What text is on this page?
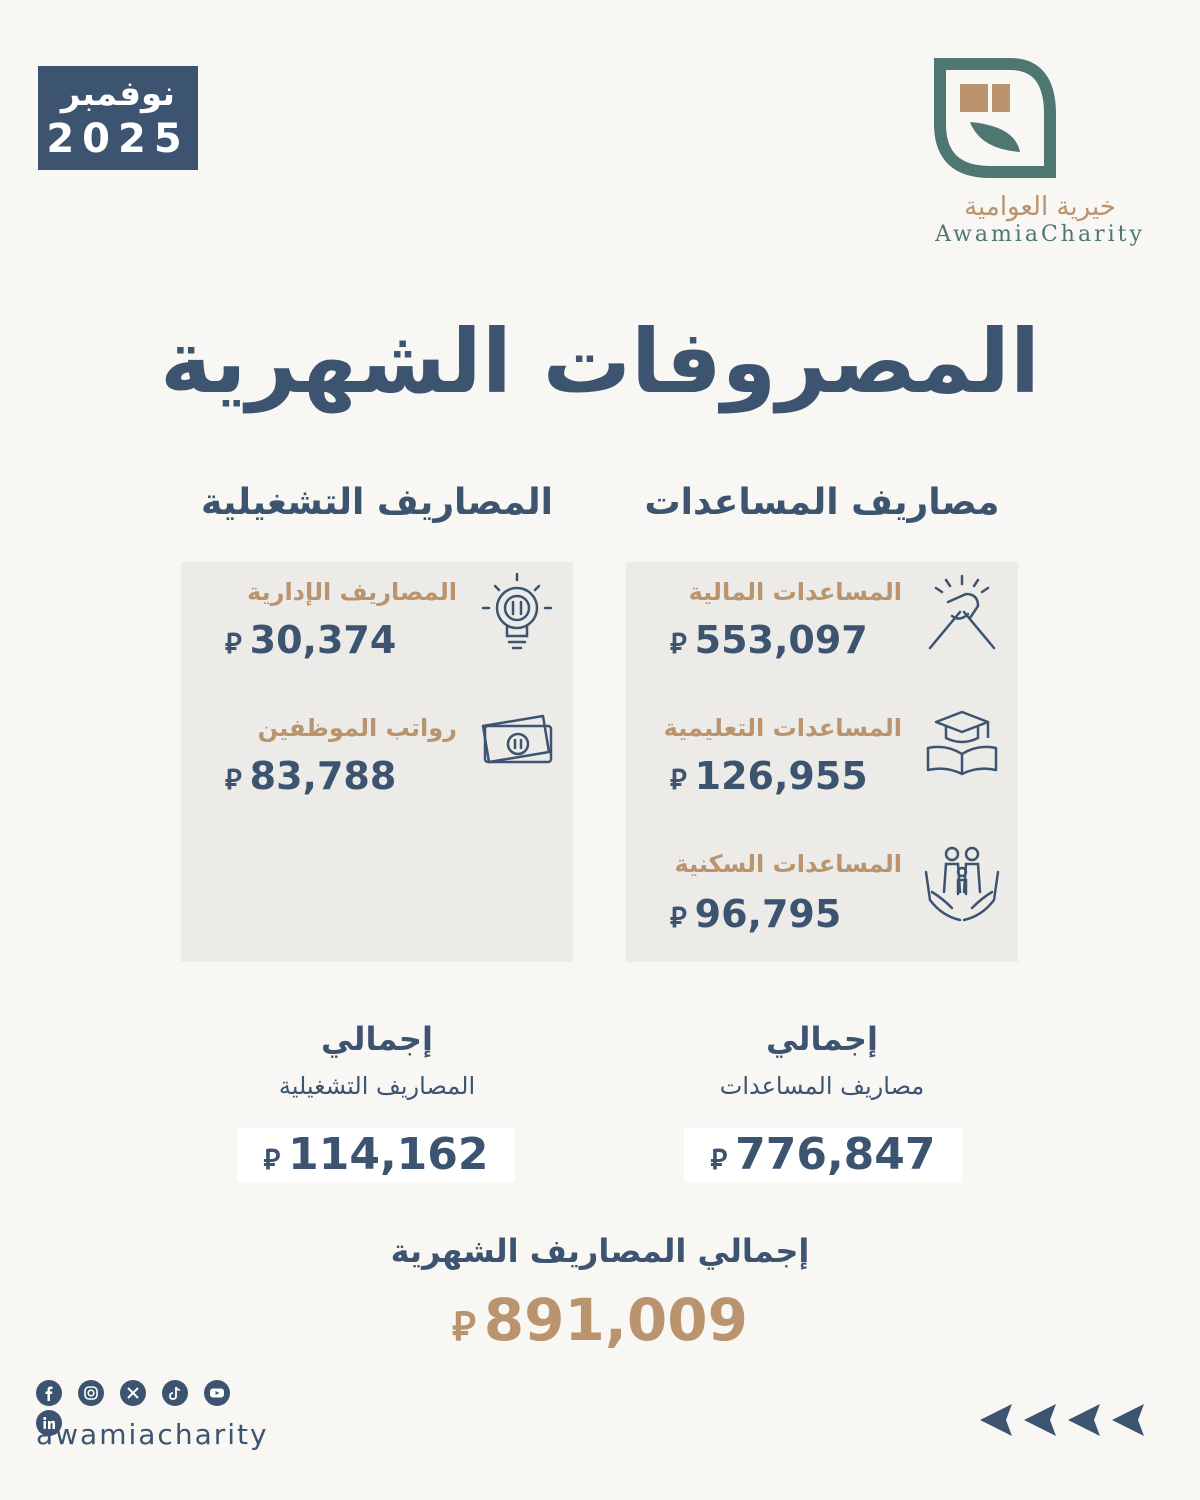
نوفمبر
2025
خيرية العوامية
AwamiaCharity
المصروفات الشهرية
مصاريف المساعدات
المصاريف التشغيلية
المساعدات المالية
⃁ 553,097
المساعدات التعليمية
⃁ 126,955
المساعدات السكنية
⃁ 96,795
المصاريف الإدارية
⃁ 30,374
رواتب الموظفين
⃁ 83,788
إجمالي
مصاريف المساعدات
⃁ 776,847
إجمالي
المصاريف التشغيلية
⃁ 114,162
إجمالي المصاريف الشهرية
⃁ 891,009

awamiacharity
